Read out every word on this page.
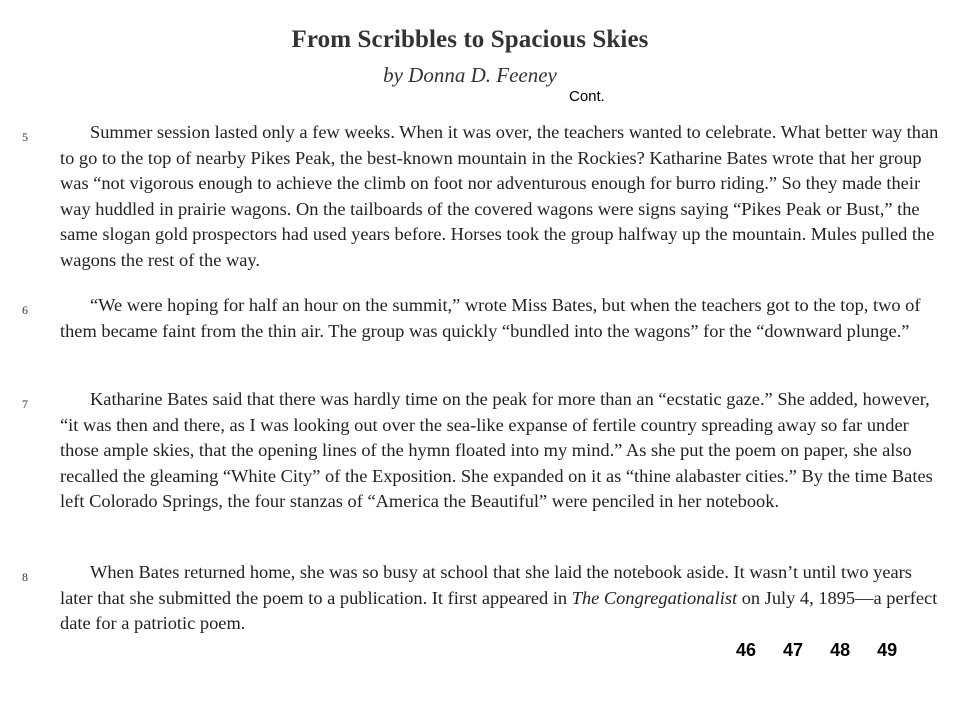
From Scribbles to Spacious Skies
by Donna D. Feeney
Cont.
5	Summer session lasted only a few weeks. When it was over, the teachers wanted to celebrate. What better way than to go to the top of nearby Pikes Peak, the best-known mountain in the Rockies? Katharine Bates wrote that her group was “not vigorous enough to achieve the climb on foot nor adventurous enough for burro riding.” So they made their way huddled in prairie wagons. On the tailboards of the covered wagons were signs saying “Pikes Peak or Bust,” the same slogan gold prospectors had used years before. Horses took the group halfway up the mountain. Mules pulled the wagons the rest of the way.

6	“We were hoping for half an hour on the summit,” wrote Miss Bates, but when the teachers got to the top, two of them became faint from the thin air. The group was quickly “bundled into the wagons” for the “downward plunge.”

7	Katharine Bates said that there was hardly time on the peak for more than an “ecstatic gaze.” She added, however, “it was then and there, as I was looking out over the sea-like expanse of fertile country spreading away so far under those ample skies, that the opening lines of the hymn floated into my mind.” As she put the poem on paper, she also recalled the gleaming “White City” of the Exposition. She expanded on it as “thine alabaster cities.” By the time Bates left Colorado Springs, the four stanzas of “America the Beautiful” were penciled in her notebook.

8	When Bates returned home, she was so busy at school that she laid the notebook aside. It wasn’t until two years later that she submitted the poem to a publication. It first appeared in The Congregationalist on July 4, 1895—a perfect date for a patriotic poem.

46 47 48 49
